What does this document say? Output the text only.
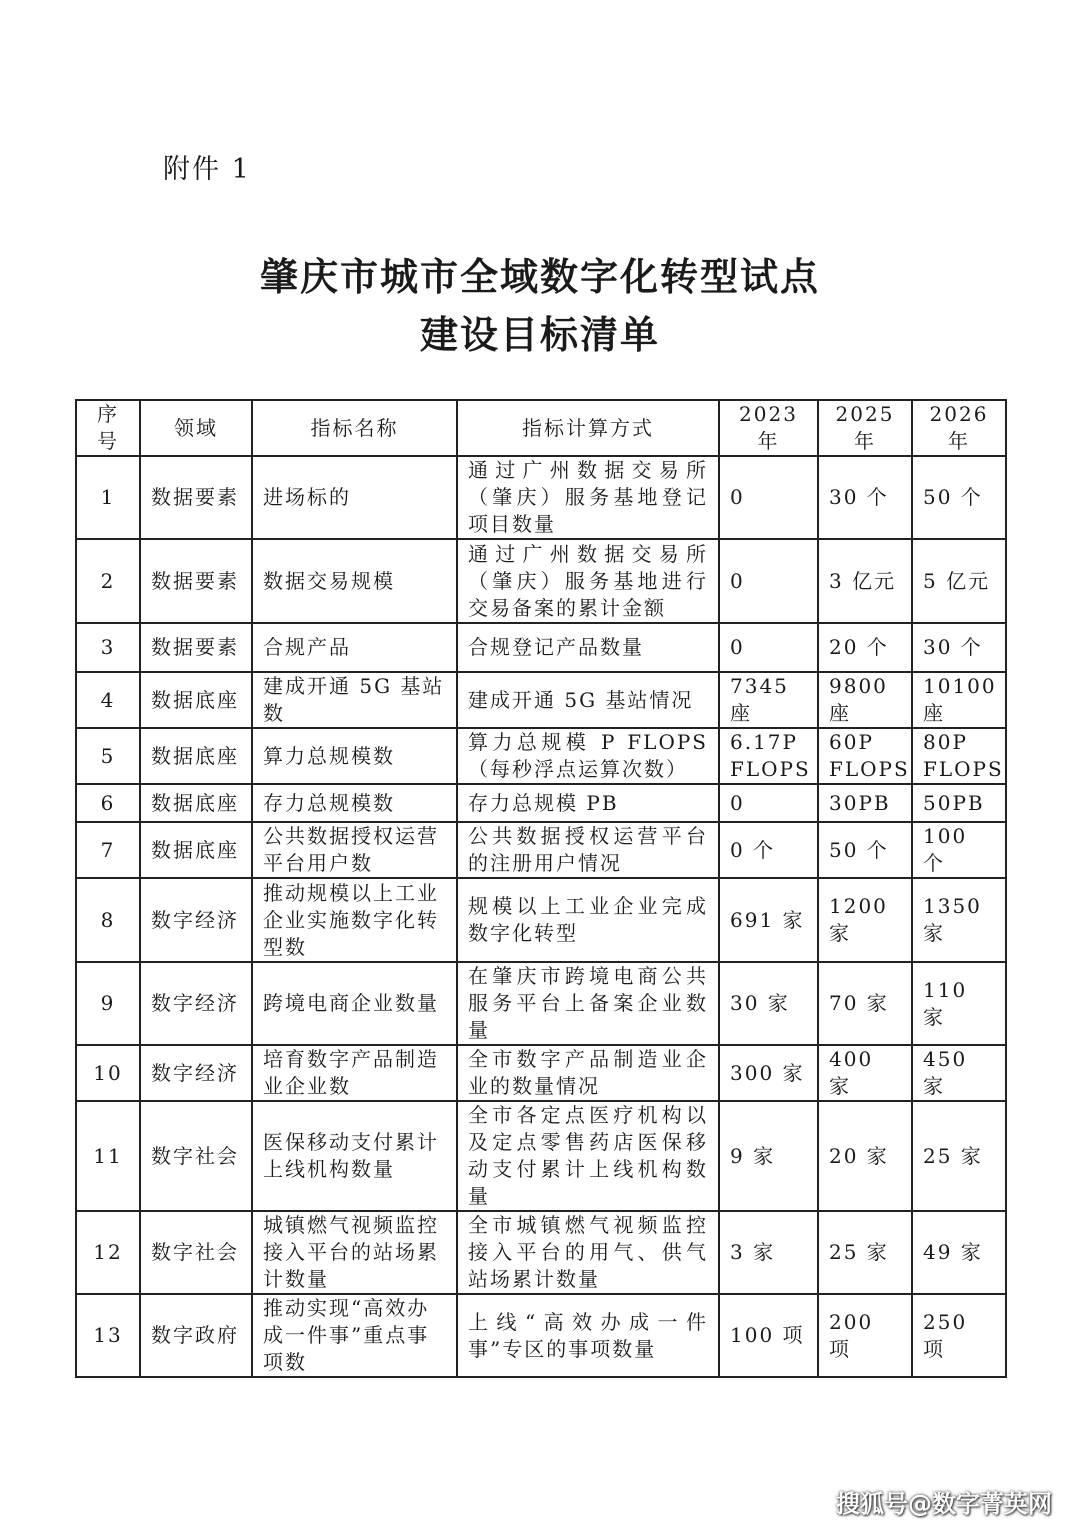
附件 1
肇庆市城市全域数字化转型试点
建设目标清单
序号	领域	指标名称	指标计算方式	2023 年	2025 年	2026 年
1	数据要素	进场标的	通过广州数据交易所（肇庆）服务基地登记项目数量	0	30 个	50 个
2	数据要素	数据交易规模	通过广州数据交易所（肇庆）服务基地进行交易备案的累计金额	0	3 亿元	5 亿元
3	数据要素	合规产品	合规登记产品数量	0	20 个	30 个
4	数据底座	建成开通 5G 基站数	建成开通 5G 基站情况	7345 座	9800 座	10100 座
5	数据底座	算力总规模数	算力总规模 P FLOPS（每秒浮点运算次数）	6.17P FLOPS	60P FLOPS	80P FLOPS
6	数据底座	存力总规模数	存力总规模 PB	0	30PB	50PB
7	数据底座	公共数据授权运营平台用户数	公共数据授权运营平台的注册用户情况	0 个	50 个	100 个
8	数字经济	推动规模以上工业企业实施数字化转型数	规模以上工业企业完成数字化转型	691 家	1200 家	1350 家
9	数字经济	跨境电商企业数量	在肇庆市跨境电商公共服务平台上备案企业数量	30 家	70 家	110 家
10	数字经济	培育数字产品制造业企业数	全市数字产品制造业企业的数量情况	300 家	400 家	450 家
11	数字社会	医保移动支付累计上线机构数量	全市各定点医疗机构以及定点零售药店医保移动支付累计上线机构数量	9 家	20 家	25 家
12	数字社会	城镇燃气视频监控接入平台的站场累计数量	全市城镇燃气视频监控接入平台的用气、供气站场累计数量	3 家	25 家	49 家
13	数字政府	推动实现“高效办成一件事”重点事项数	上线“高效办成一件事”专区的事项数量	100 项	200 项	250 项
搜狐号@数字菁英网
